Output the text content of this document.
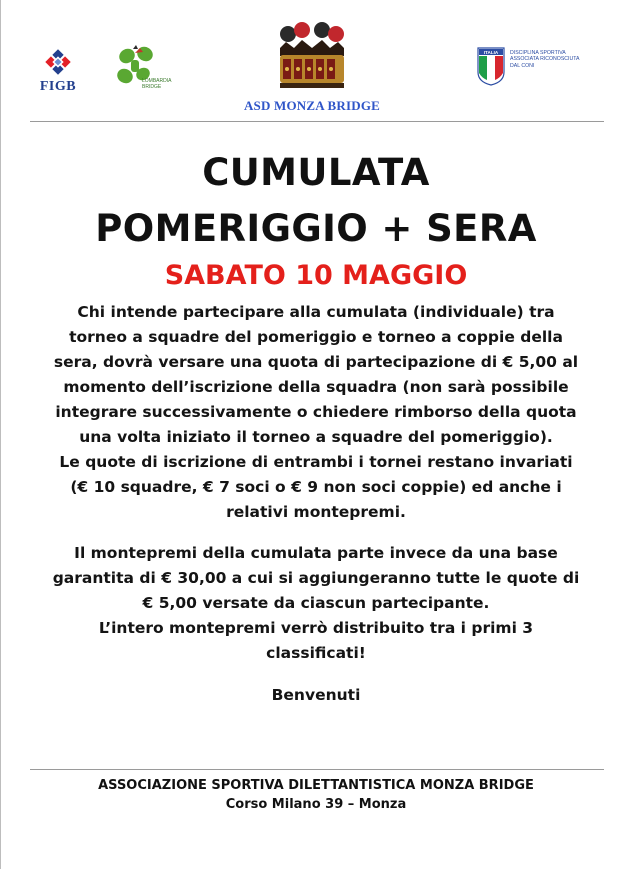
FIGB	LOMBARDIA BRIDGE
ASD MONZA BRIDGE
ITALIA DISCIPLINA SPORTIVA
ASSOCIATA RICONOSCIUTA
DAL CONI
CUMULATA
POMERIGGIO + SERA
SABATO 10 MAGGIO
Chi intende partecipare alla cumulata (individuale) tra
torneo a squadre del pomeriggio e torneo a coppie della
sera, dovrà versare una quota di partecipazione di € 5,00 al
momento dell’iscrizione della squadra (non sarà possibile
integrare successivamente o chiedere rimborso della quota
una volta iniziato il torneo a squadre del pomeriggio).
Le quote di iscrizione di entrambi i tornei restano invariati
(€ 10 squadre, € 7 soci o € 9 non soci coppie) ed anche i
relativi montepremi.
Il montepremi della cumulata parte invece da una base
garantita di € 30,00 a cui si aggiungeranno tutte le quote di
€ 5,00 versate da ciascun partecipante.
L’intero montepremi verrò distribuito tra i primi 3
classificati!
Benvenuti
ASSOCIAZIONE SPORTIVA DILETTANTISTICA MONZA BRIDGE
Corso Milano 39 – Monza
